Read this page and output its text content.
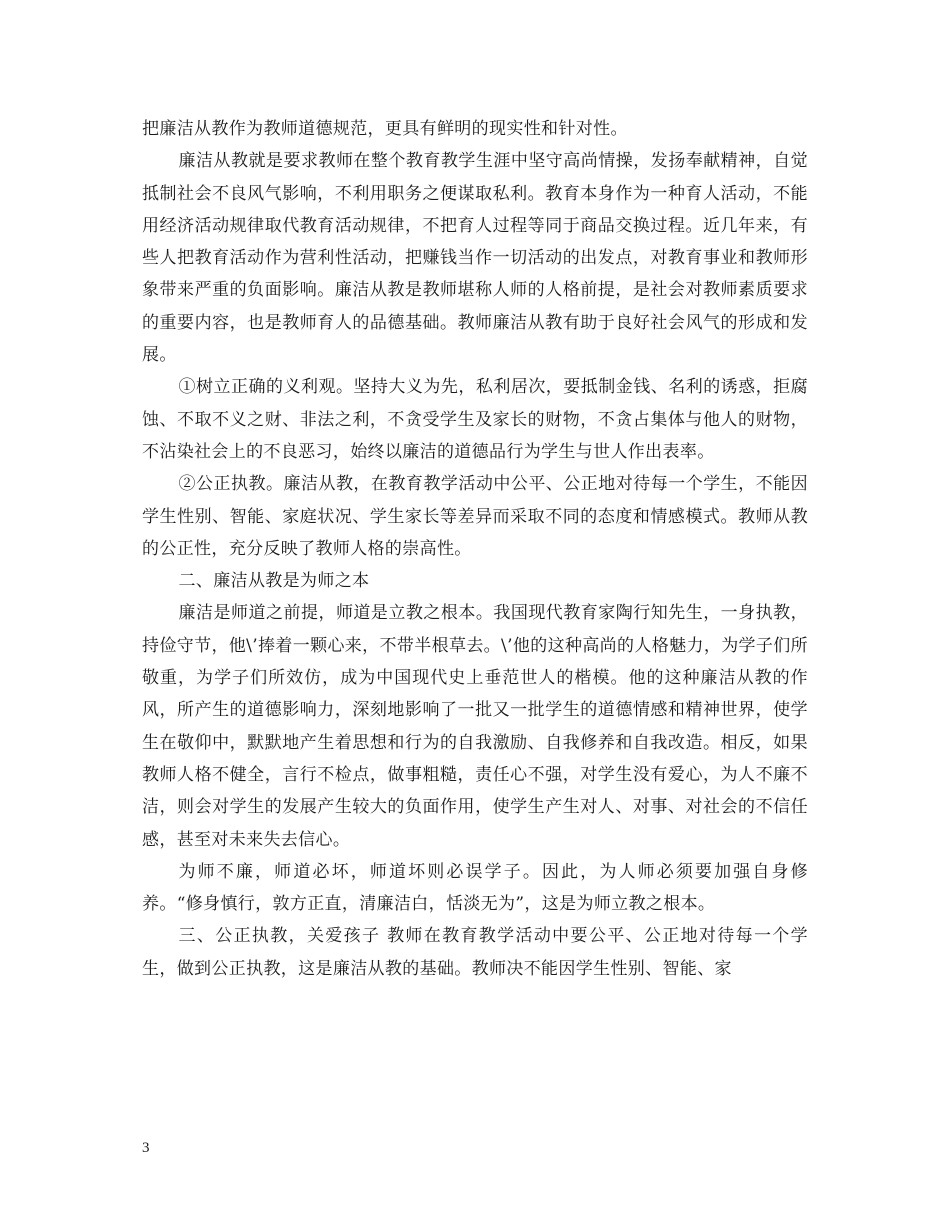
把廉洁从教作为教师道德规范，更具有鲜明的现实性和针对性。

廉洁从教就是要求教师在整个教育教学生涯中坚守高尚情操，发扬奉献精神，自觉抵制社会不良风气影响，不利用职务之便谋取私利。教育本身作为一种育人活动，不能用经济活动规律取代教育活动规律，不把育人过程等同于商品交换过程。近几年来，有些人把教育活动作为营利性活动，把赚钱当作一切活动的出发点，对教育事业和教师形象带来严重的负面影响。廉洁从教是教师堪称人师的人格前提，是社会对教师素质要求的重要内容，也是教师育人的品德基础。教师廉洁从教有助于良好社会风气的形成和发展。

①树立正确的义利观。坚持大义为先，私利居次，要抵制金钱、名利的诱惑，拒腐蚀、不取不义之财、非法之利，不贪受学生及家长的财物，不贪占集体与他人的财物，不沾染社会上的不良恶习，始终以廉洁的道德品行为学生与世人作出表率。

②公正执教。廉洁从教，在教育教学活动中公平、公正地对待每一个学生，不能因学生性别、智能、家庭状况、学生家长等差异而采取不同的态度和情感模式。教师从教的公正性，充分反映了教师人格的崇高性。

二、廉洁从教是为师之本

廉洁是师道之前提，师道是立教之根本。我国现代教育家陶行知先生，一身执教，持俭守节，他\’捧着一颗心来，不带半根草去。\’他的这种高尚的人格魅力，为学子们所敬重，为学子们所效仿，成为中国现代史上垂范世人的楷模。他的这种廉洁从教的作风，所产生的道德影响力，深刻地影响了一批又一批学生的道德情感和精神世界，使学生在敬仰中，默默地产生着思想和行为的自我激励、自我修养和自我改造。相反，如果教师人格不健全，言行不检点，做事粗糙，责任心不强，对学生没有爱心，为人不廉不洁，则会对学生的发展产生较大的负面作用，使学生产生对人、对事、对社会的不信任感，甚至对未来失去信心。

为师不廉，师道必坏，师道坏则必误学子。因此，为人师必须要加强自身修养。“修身慎行，敦方正直，清廉洁白，恬淡无为”，这是为师立教之根本。

三、公正执教，关爱孩子 教师在教育教学活动中要公平、公正地对待每一个学生，做到公正执教，这是廉洁从教的基础。教师决不能因学生性别、智能、家

3
